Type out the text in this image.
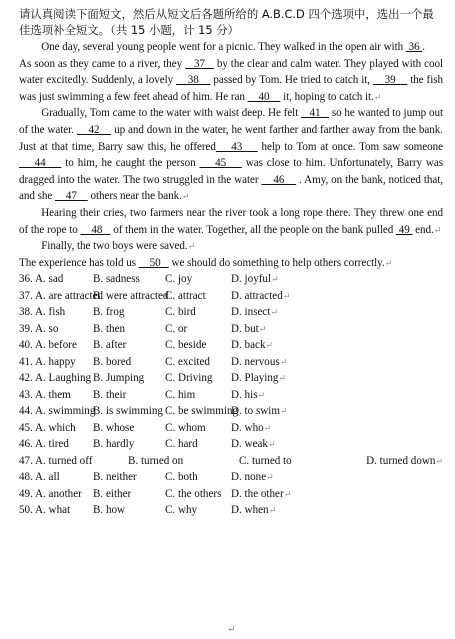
请认真阅读下面短文，然后从短文后各题所给的 A.B.C.D 四个选项中，选出一个最佳选项补全短文。（共 15 小题，计 15 分）

One day, several young people went for a picnic. They walked in the open air with  36 .
As soon as they came to a river, they    37    by the clear and calm water. They played with cool water excitedly. Suddenly, a lovely     38     passed by Tom. He tried to catch it,     39     the fish was just swimming a few feet ahead of him. He ran     40     it, hoping to catch it.↵

Gradually, Tom came to the water with waist deep. He felt    41    so he wanted to jump out of the water.     42     up and down in the water, he went farther and farther away from the bank. Just at that time, Barry saw this, he offered    43     help to Tom at once. Tom saw someone     44     to him, he caught the person     45     was close to him. Unfortunately, Barry was dragged into the water. The two struggled in the water     46     . Amy, on the bank, noticed that, and she     47     others near the bank.↵

Hearing their cries, two farmers near the river took a long rope there. They threw one end of the rope to     48    of them in the water. Together, all the people on the bank pulled  49  end.↵

Finally, the two boys were saved.↵

The experience has told us     50    we should do something to help others correctly.↵

36. A. sad	B. sadness	C. joy	D. joyful↵
37. A. are attracted
B. were attracted
C. attract	D. attracted↵
38. A. fish	B. frog	C. bird	D. insect↵
39. A. so	B. then	C. or	D. but↵
40. A. before	B. after	C. beside	D. back↵
41. A. happy	B. bored	C. excited	D. nervous↵
42. A. Laughing B. Jumping	C. Driving	D. Playing↵
43. A. them	B. their	C. him	D. his↵
44. A. swimming
B. is swimming C. be swimming
D. to swim↵
45. A. which	B. whose	C. whom	D. who↵
46. A. tired	B. hardly	C. hard	D. weak↵
47. A. turned off	B. turned on	C. turned to	D. turned down↵
48. A. all	B. neither	C. both	D. none↵
49. A. another	B. either	C. the others D. the other↵
50. A. what	B. how	C. why	D. when↵
↵
